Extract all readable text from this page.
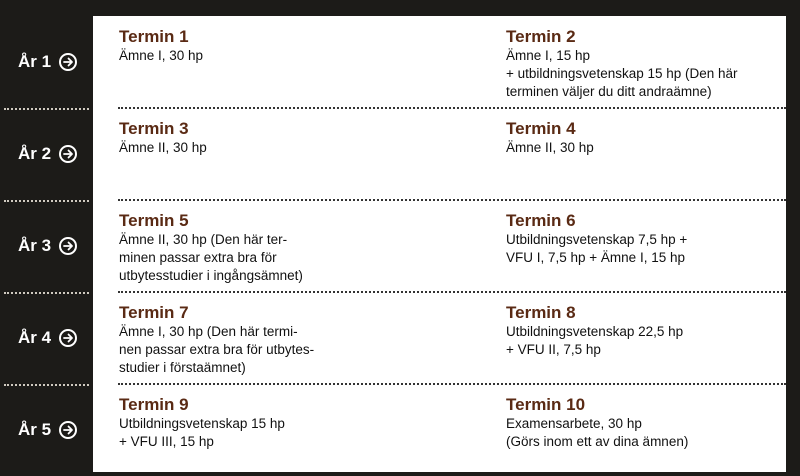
År 1
År 2
År 3
År 4
År 5
Termin 1
Ämne I, 30 hp
Termin 2
Ämne I, 15 hp
+ utbildningsvetenskap 15 hp (Den här
terminen väljer du ditt andraämne)
Termin 3
Ämne II, 30 hp
Termin 4
Ämne II, 30 hp
Termin 5
Ämne II, 30 hp (Den här ter-
minen passar extra bra för
utbytesstudier i ingångsämnet)
Termin 6
Utbildningsvetenskap 7,5 hp +
VFU I, 7,5 hp + Ämne I, 15 hp
Termin 7
Ämne I, 30 hp (Den här termi-
nen passar extra bra för utbytes-
studier i förstaämnet)
Termin 8
Utbildningsvetenskap 22,5 hp
+ VFU II, 7,5 hp
Termin 9
Utbildningsvetenskap 15 hp
+ VFU III, 15 hp
Termin 10
Examensarbete, 30 hp
(Görs inom ett av dina ämnen)
